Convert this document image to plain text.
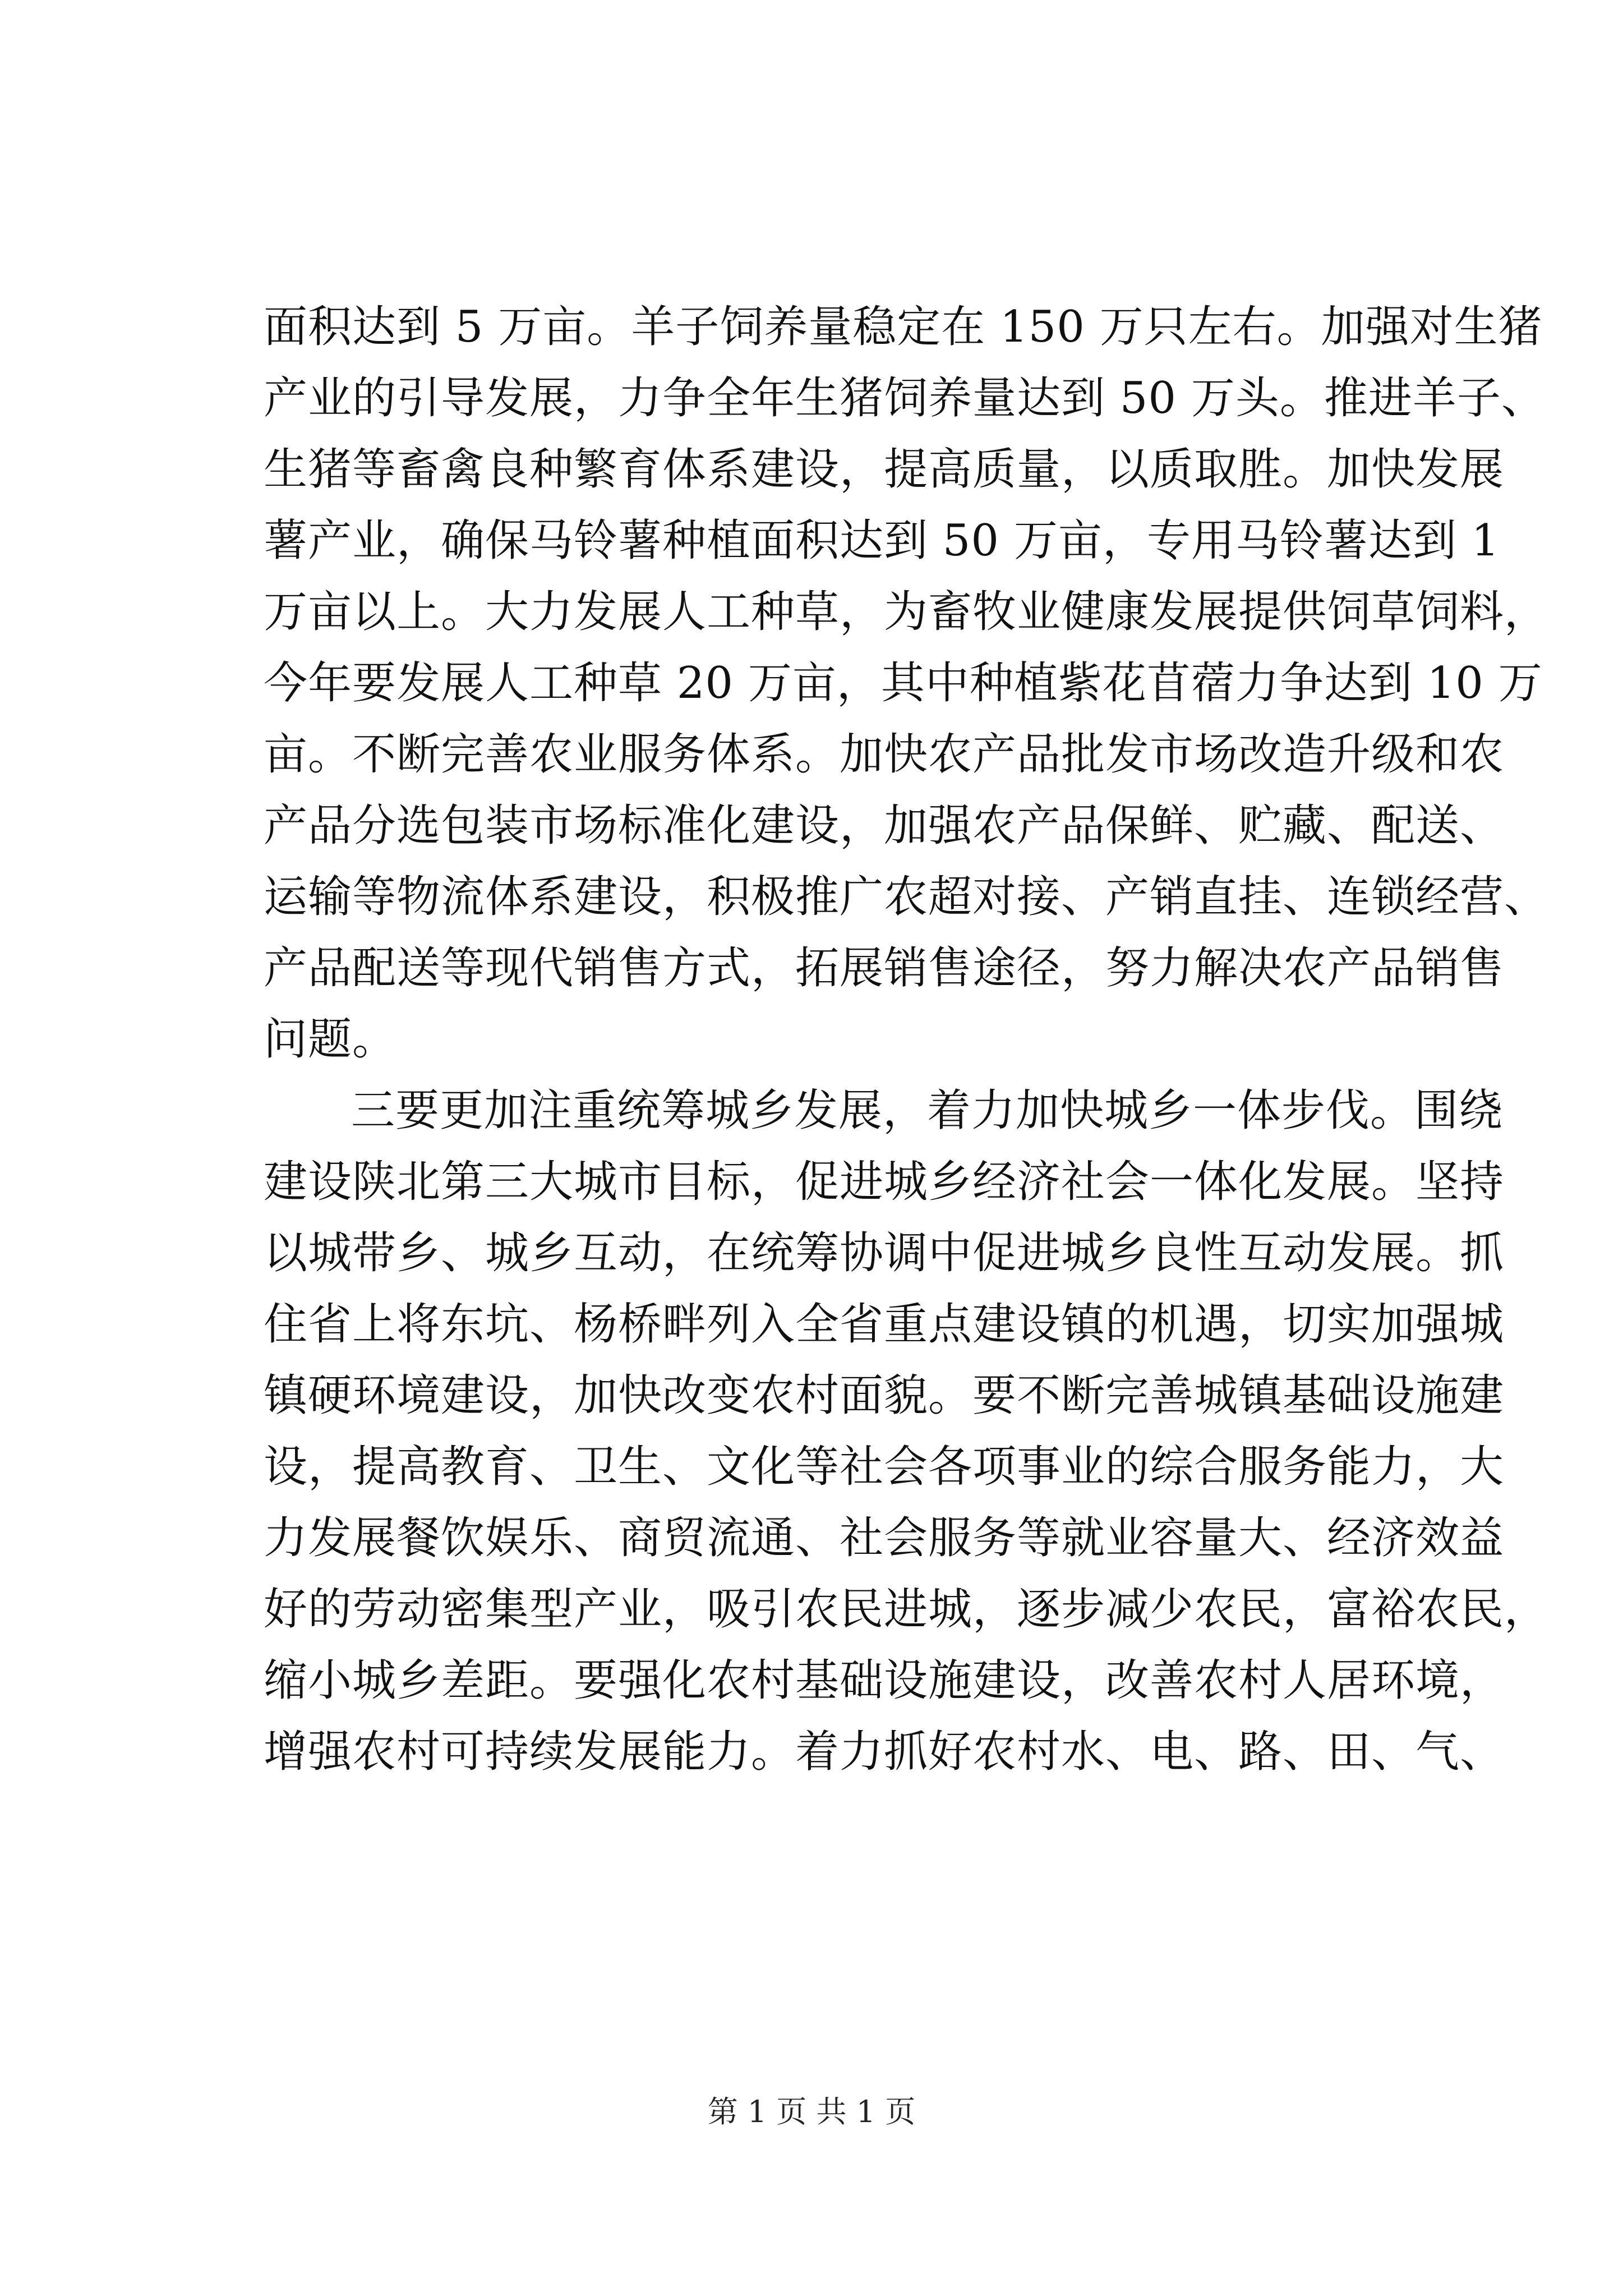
面积达到 5 万亩。羊子饲养量稳定在 150 万只左右。加强对生猪
产业的引导发展，力争全年生猪饲养量达到 50 万头。推进羊子、
生猪等畜禽良种繁育体系建设，提高质量，以质取胜。加快发展
薯产业，确保马铃薯种植面积达到 50 万亩，专用马铃薯达到 1
万亩以上。大力发展人工种草，为畜牧业健康发展提供饲草饲料，
今年要发展人工种草 20 万亩，其中种植紫花苜蓿力争达到 10 万
亩。不断完善农业服务体系。加快农产品批发市场改造升级和农
产品分选包装市场标准化建设，加强农产品保鲜、贮藏、配送、
运输等物流体系建设，积极推广农超对接、产销直挂、连锁经营、
产品配送等现代销售方式，拓展销售途径，努力解决农产品销售
问题。
三要更加注重统筹城乡发展，着力加快城乡一体步伐。围绕
建设陕北第三大城市目标，促进城乡经济社会一体化发展。坚持
以城带乡、城乡互动，在统筹协调中促进城乡良性互动发展。抓
住省上将东坑、杨桥畔列入全省重点建设镇的机遇，切实加强城
镇硬环境建设，加快改变农村面貌。要不断完善城镇基础设施建
设，提高教育、卫生、文化等社会各项事业的综合服务能力，大
力发展餐饮娱乐、商贸流通、社会服务等就业容量大、经济效益
好的劳动密集型产业，吸引农民进城，逐步减少农民，富裕农民，
缩小城乡差距。要强化农村基础设施建设，改善农村人居环境，
增强农村可持续发展能力。着力抓好农村水、电、路、田、气、
第 1 页 共 1 页
